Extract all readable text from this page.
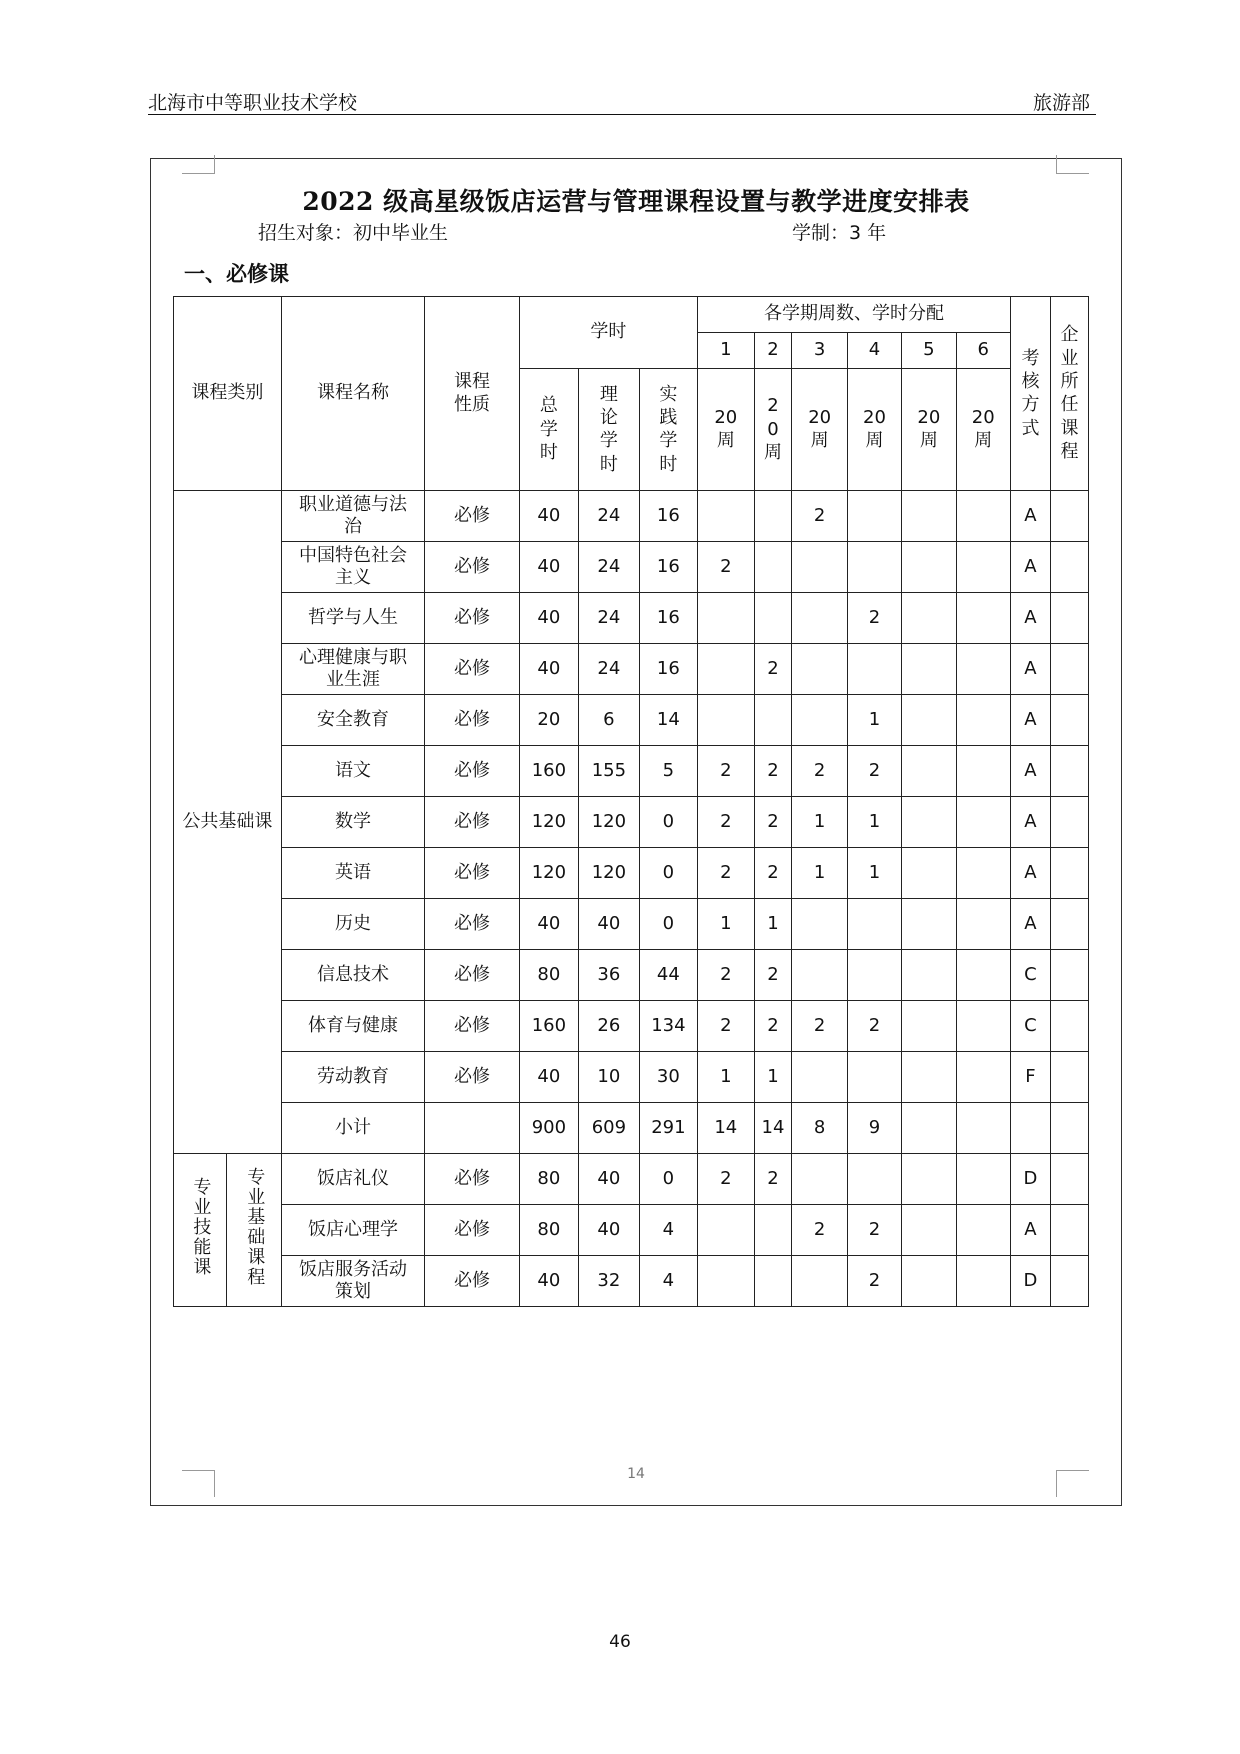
北海市中等职业技术学校	旅游部
2022 级高星级饭店运营与管理课程设置与教学进度安排表
招生对象：初中毕业生	学制：3 年
一、必修课
课程类别		课程名称	课程性质	学时			各学期周数、学时分配						考核方式	企业所任课程
							1	2	3	4	5	6		
				总学时	理论学时	实践学时	20周	20周	20周	20周	20周	20周		
公共基础课		职业道德与法治	必修	40	24	16			2				A	
		中国特色社会主义	必修	40	24	16	2						A	
		哲学与人生	必修	40	24	16				2			A	
		心理健康与职业生涯	必修	40	24	16		2					A	
		安全教育	必修	20	6	14				1			A	
		语文	必修	160	155	5	2	2	2	2			A	
		数学	必修	120	120	0	2	2	1	1			A	
		英语	必修	120	120	0	2	2	1	1			A	
		历史	必修	40	40	0	1	1					A	
		信息技术	必修	80	36	44	2	2					C	
		体育与健康	必修	160	26	134	2	2	2	2			C	
		劳动教育	必修	40	10	30	1	1					F	
		小计		900	609	291	14	14	8	9				
专业技能课	专业基础课程	饭店礼仪	必修	80	40	0	2	2					D	
		饭店心理学	必修	80	40	4			2	2			A	
		饭店服务活动策划	必修	40	32	4				2			D	
14
46
